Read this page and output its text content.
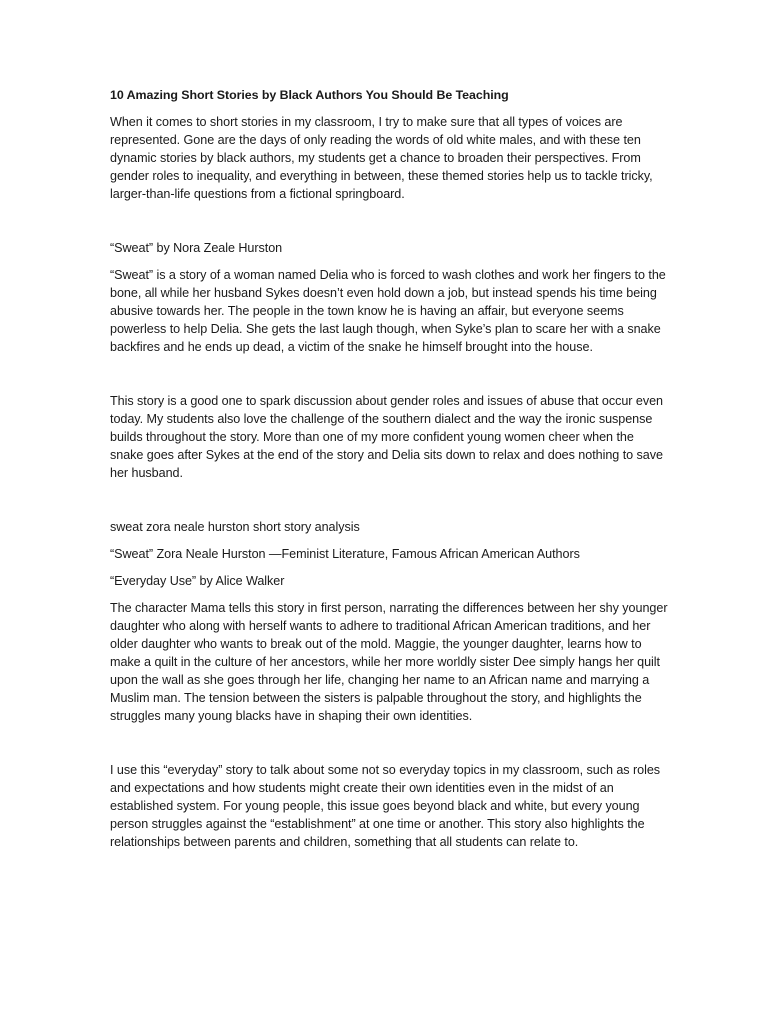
10 Amazing Short Stories by Black Authors You Should Be Teaching

When it comes to short stories in my classroom, I try to make sure that all types of voices are represented. Gone are the days of only reading the words of old white males, and with these ten dynamic stories by black authors, my students get a chance to broaden their perspectives. From gender roles to inequality, and everything in between, these themed stories help us to tackle tricky, larger-than-life questions from a fictional springboard.

“Sweat” by Nora Zeale Hurston

“Sweat” is a story of a woman named Delia who is forced to wash clothes and work her fingers to the bone, all while her husband Sykes doesn’t even hold down a job, but instead spends his time being abusive towards her. The people in the town know he is having an affair, but everyone seems powerless to help Delia. She gets the last laugh though, when Syke’s plan to scare her with a snake backfires and he ends up dead, a victim of the snake he himself brought into the house.

This story is a good one to spark discussion about gender roles and issues of abuse that occur even today. My students also love the challenge of the southern dialect and the way the ironic suspense builds throughout the story. More than one of my more confident young women cheer when the snake goes after Sykes at the end of the story and Delia sits down to relax and does nothing to save her husband.

sweat zora neale hurston short story analysis
“Sweat” Zora Neale Hurston —Feminist Literature, Famous African American Authors
“Everyday Use” by Alice Walker

The character Mama tells this story in first person, narrating the differences between her shy younger daughter who along with herself wants to adhere to traditional African American traditions, and her older daughter who wants to break out of the mold. Maggie, the younger daughter, learns how to make a quilt in the culture of her ancestors, while her more worldly sister Dee simply hangs her quilt upon the wall as she goes through her life, changing her name to an African name and marrying a Muslim man. The tension between the sisters is palpable throughout the story, and highlights the struggles many young blacks have in shaping their own identities.

I use this “everyday” story to talk about some not so everyday topics in my classroom, such as roles and expectations and how students might create their own identities even in the midst of an established system. For young people, this issue goes beyond black and white, but every young person struggles against the “establishment” at one time or another. This story also highlights the relationships between parents and children, something that all students can relate to.
